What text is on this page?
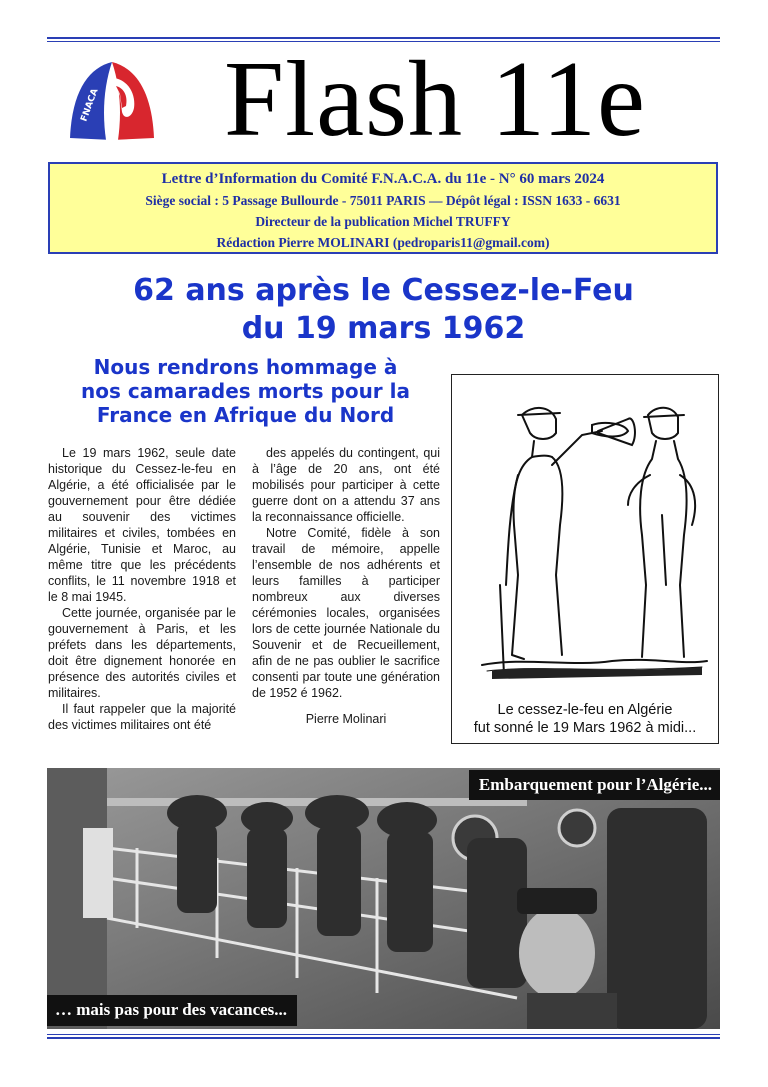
FNACA	Flash 11e
Lettre d’Information du Comité F.N.A.C.A. du 11e - N° 60 mars 2024
Siège social : 5 Passage Bullourde - 75011 PARIS — Dépôt légal : ISSN 1633 - 6631
Directeur de la publication Michel TRUFFY
Rédaction Pierre MOLINARI (pedroparis11@gmail.com)
62 ans après le Cessez-le-Feu
du 19 mars 1962
Nous rendrons hommage à
nos camarades morts pour la
France en Afrique du Nord

Le 19 mars 1962, seule date historique du Cessez-le-feu en Algérie, a été officialisée par le gouvernement pour être dédiée au souvenir des victimes militaires et civiles, tombées en Algérie, Tunisie et Maroc, au même titre que les précédents conflits, le 11 novembre 1918 et le 8 mai 1945.

Cette journée, organisée par le gouvernement à Paris, et les préfets dans les départements, doit être dignement honorée en présence des autorités civiles et militaires.

Il faut rappeler que la majorité des victimes militaires ont été

des appelés du contingent, qui à l’âge de 20 ans, ont été mobilisés pour participer à cette guerre dont on a attendu 37 ans la reconnaissance officielle.

Notre Comité, fidèle à son travail de mémoire, appelle l’ensemble de nos adhérents et leurs familles à participer nombreux aux diverses cérémonies locales, organisées lors de cette journée Nationale du Souvenir et de Recueillement, afin de ne pas oublier le sacrifice consenti par toute une génération de 1952 é 1962.

Pierre Molinari

Le cessez-le-feu en Algérie
fut sonné le 19 Mars 1962 à midi...
Embarquement pour l’Algérie...
… mais pas pour des vacances...
